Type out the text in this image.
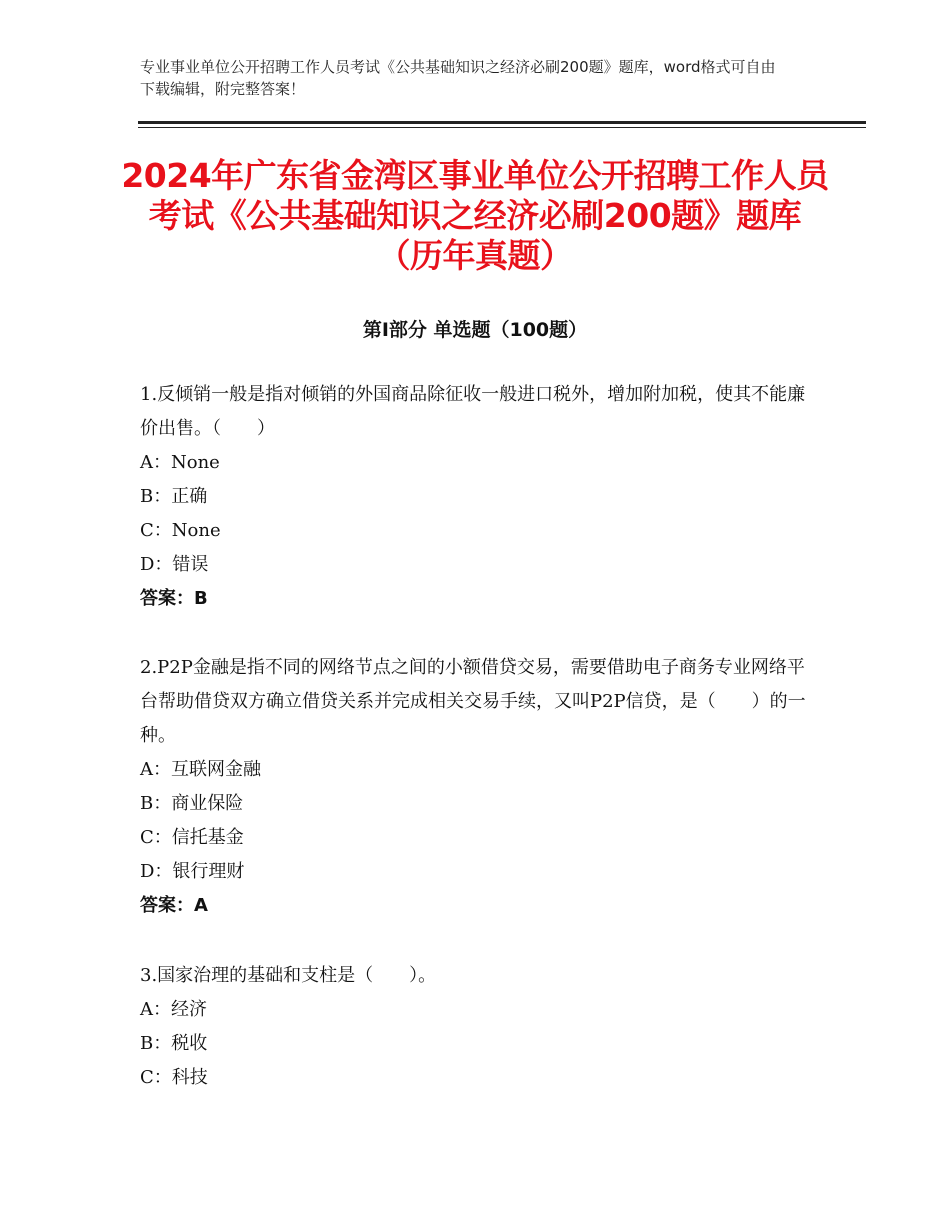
专业事业单位公开招聘工作人员考试《公共基础知识之经济必刷200题》题库，word格式可自由下载编辑，附完整答案！
2024年广东省金湾区事业单位公开招聘工作人员考试《公共基础知识之经济必刷200题》题库（历年真题）
第Ⅰ部分 单选题（100题）
1.反倾销一般是指对倾销的外国商品除征收一般进口税外，增加附加税，使其不能廉价出售。（　　）
A：None
B：正确
C：None
D：错误
答案：B
2.P2P金融是指不同的网络节点之间的小额借贷交易，需要借助电子商务专业网络平台帮助借贷双方确立借贷关系并完成相关交易手续，又叫P2P信贷，是（　　）的一种。
A：互联网金融
B：商业保险
C：信托基金
D：银行理财
答案：A
3.国家治理的基础和支柱是（　　）。
A：经济
B：税收
C：科技
